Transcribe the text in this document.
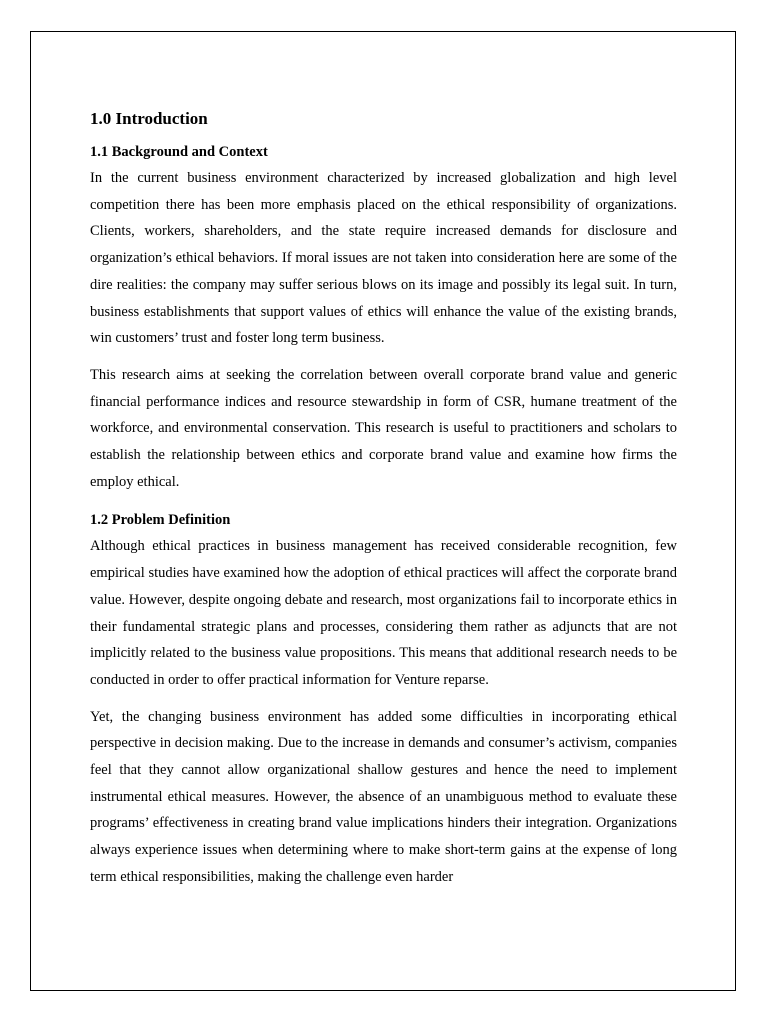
1.0 Introduction
1.1 Background and Context

In the current business environment characterized by increased globalization and high level competition there has been more emphasis placed on the ethical responsibility of organizations. Clients, workers, shareholders, and the state require increased demands for disclosure and organization’s ethical behaviors. If moral issues are not taken into consideration here are some of the dire realities: the company may suffer serious blows on its image and possibly its legal suit. In turn, business establishments that support values of ethics will enhance the value of the existing brands, win customers’ trust and foster long term business.

This research aims at seeking the correlation between overall corporate brand value and generic financial performance indices and resource stewardship in form of CSR, humane treatment of the workforce, and environmental conservation. This research is useful to practitioners and scholars to establish the relationship between ethics and corporate brand value and examine how firms the employ ethical.

1.2 Problem Definition

Although ethical practices in business management has received considerable recognition, few empirical studies have examined how the adoption of ethical practices will affect the corporate brand value. However, despite ongoing debate and research, most organizations fail to incorporate ethics in their fundamental strategic plans and processes, considering them rather as adjuncts that are not implicitly related to the business value propositions. This means that additional research needs to be conducted in order to offer practical information for Venture reparse.

Yet, the changing business environment has added some difficulties in incorporating ethical perspective in decision making. Due to the increase in demands and consumer’s activism, companies feel that they cannot allow organizational shallow gestures and hence the need to implement instrumental ethical measures. However, the absence of an unambiguous method to evaluate these programs’ effectiveness in creating brand value implications hinders their integration. Organizations always experience issues when determining where to make short-term gains at the expense of long term ethical responsibilities, making the challenge even harder
